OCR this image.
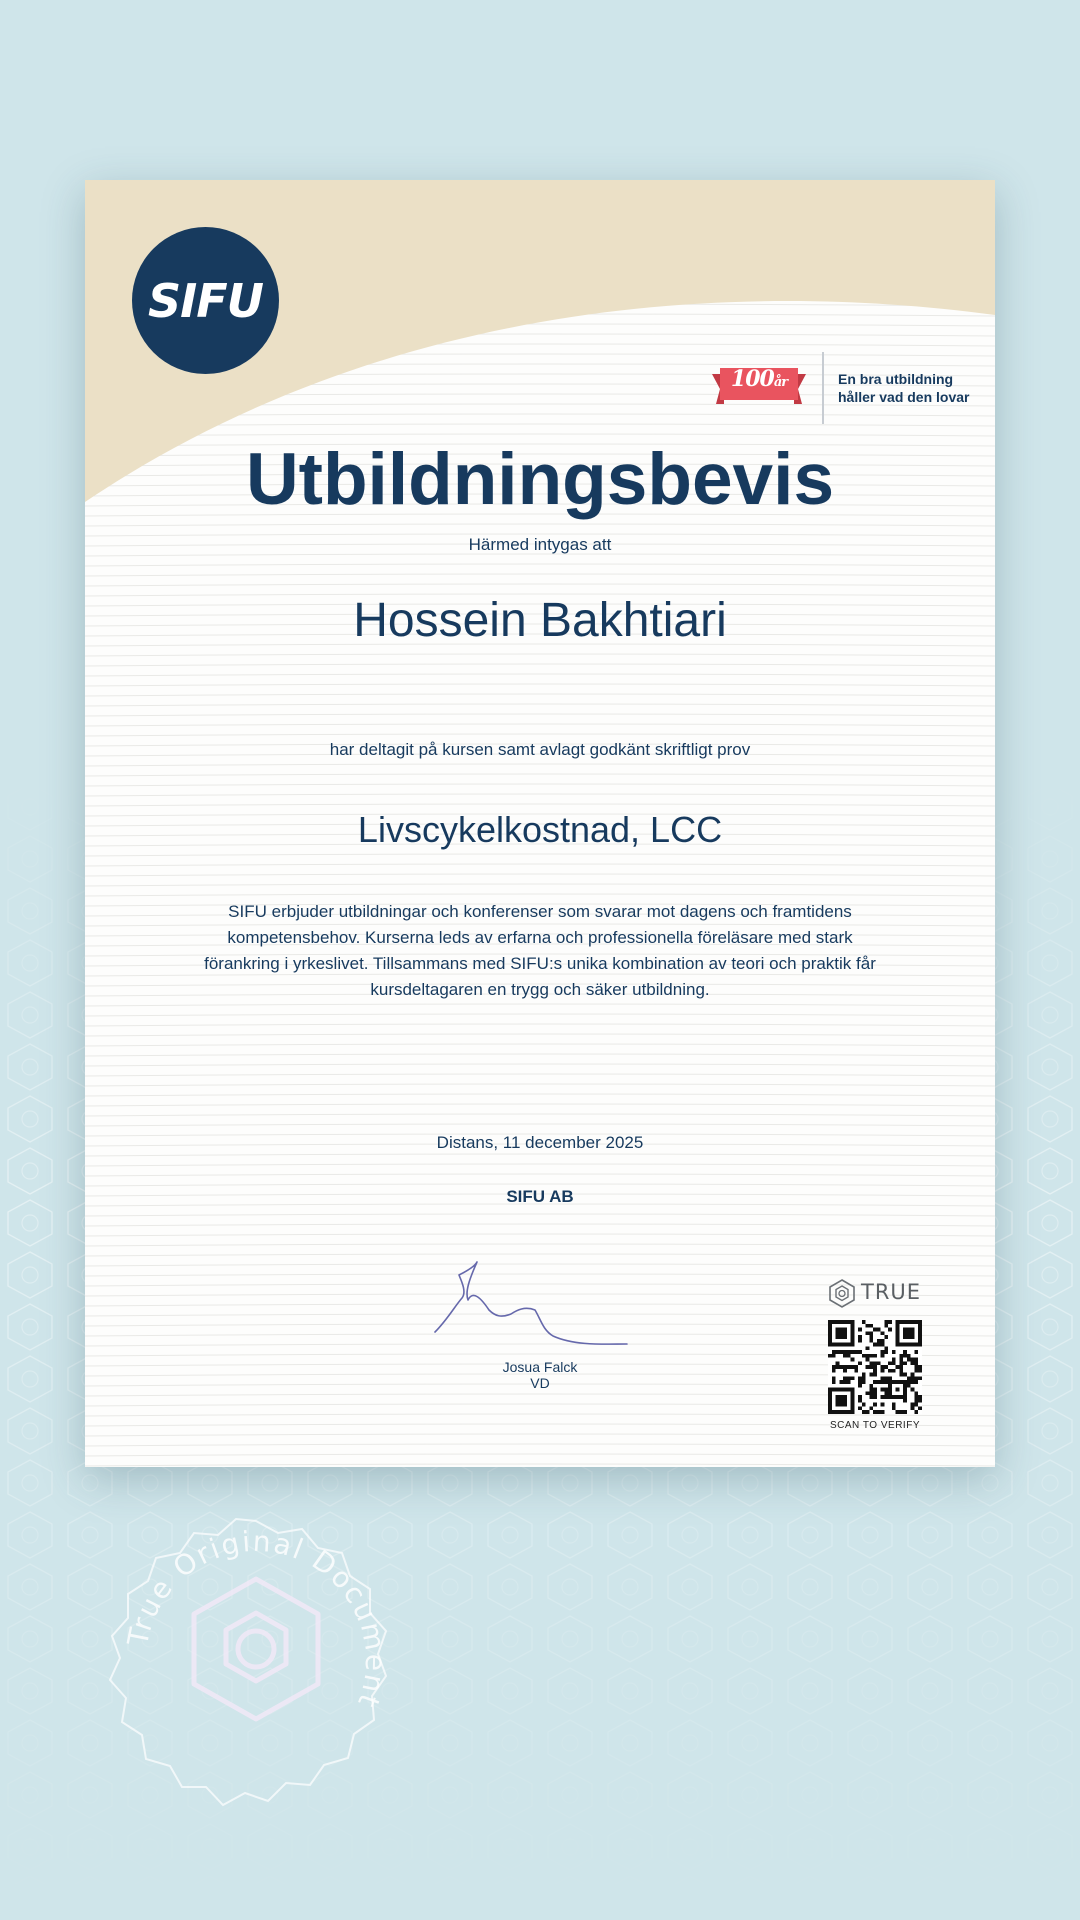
SIFU
100år	En bra utbildning
håller vad den lovar
Utbildningsbevis
Härmed intygas att
Hossein Bakhtiari
har deltagit på kursen samt avlagt godkänt skriftligt prov
Livscykelkostnad, LCC
SIFU erbjuder utbildningar och konferenser som svarar mot dagens och framtidens kompetensbehov. Kurserna leds av erfarna och professionella föreläsare med stark förankring i yrkeslivet. Tillsammans med SIFU:s unika kombination av teori och praktik får kursdeltagaren en trygg och säker utbildning.
Distans, 11 december 2025
SIFU AB
Josua Falck
VD
TRUE
SCAN TO VERIFY
True Original Document
